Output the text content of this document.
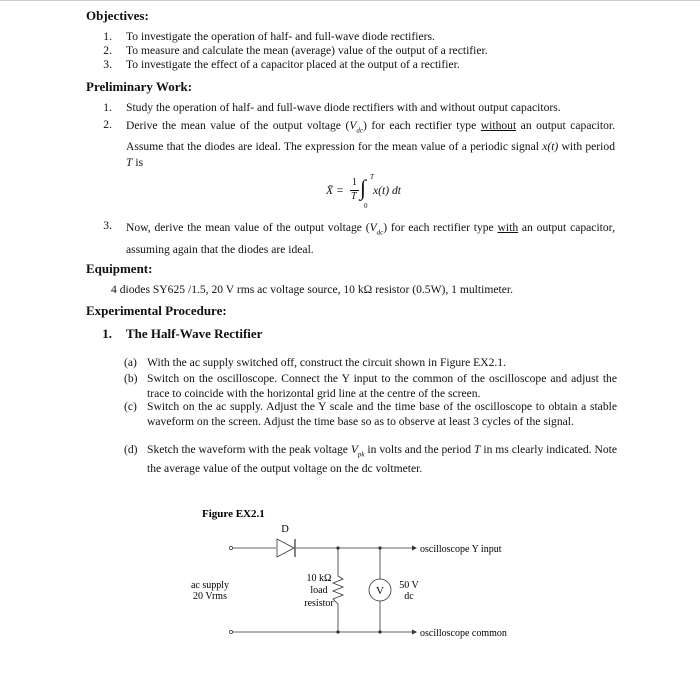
Objectives:
1. To investigate the operation of half- and full-wave diode rectifiers.
2. To measure and calculate the mean (average) value of the output of a rectifier.
3. To investigate the effect of a capacitor placed at the output of a rectifier.
Preliminary Work:
1. Study the operation of half- and full-wave diode rectifiers with and without output capacitors.
2. Derive the mean value of the output voltage $(V_{dc})$ for each rectifier type without an output capacitor. Assume that the diodes are ideal. The expression for the mean value of a periodic signal x(t) with period T is
X̄ =
1
T ∫ T
0
x(t) dt
3. Now, derive the mean value of the output voltage $(V_{dc})$ for each rectifier type with an output capacitor, assuming again that the diodes are ideal.
Equipment:
4 diodes SY625 /1.5, 20 V rms ac voltage source, 10 kΩ resistor (0.5W), 1 multimeter.
Experimental Procedure:
1. The Half-Wave Rectifier
(a) With the ac supply switched off, construct the circuit shown in Figure EX2.1.
(b) Switch on the oscilloscope. Connect the Y input to the common of the oscilloscope and adjust the trace to coincide with the horizontal grid line at the centre of the screen.
(c) Switch on the ac supply. Adjust the Y scale and the time base of the oscilloscope to obtain a stable waveform on the screen. Adjust the time base so as to observe at least 3 cycles of the signal.
(d) Sketch the waveform with the peak voltage $V_{pk}$ in volts and the period T in ms clearly indicated. Note the average value of the output voltage on the dc voltmeter.
Figure EX2.1
D
V
ac supply
20 Vrms
10 kΩ
load
resistor
50 V
dc
oscilloscope Y input
oscilloscope common
